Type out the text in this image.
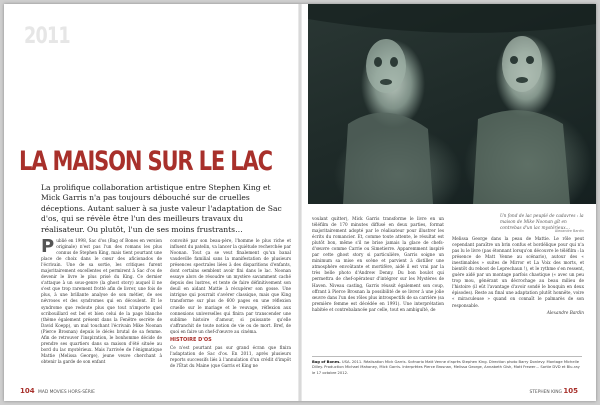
2011
LA MAISON SUR LE LAC

La prolifique collaboration artistique entre Stephen King et Mick Garris n'a pas toujours débouché sur de cruelles déceptions. Autant saluer à sa juste valeur l'adaptation de Sac d'os, qui se révèle être l'un des meilleurs travaux du réalisateur. Ou plutôt, l'un de ses moins frustrants…

Publié en 1998, Sac d'os (Bag of Bones en version originale) n'est pas l'un des romans les plus connus de Stephen King, mais tient pourtant une place de choix dans le cœur des aficionados de l'écrivain. Une de sa sortie, les critiques furent majoritairement excellentes et permirent à Sac d'os de devenir le livre le plus prisé du King. Ce dernier s'attaque à un sous-genre (la ghost story) auquel il ne s'est que trop rarement frotté afin de livrer, une fois de plus, à une brillante analyse de son métier, de ses névroses et des syndromes qui en découlent. Et le syndrome que redoute plus que tout n'importe quel scribouillard est bel et bien celui de la page blanche (thème également présent dans la Fenêtre secrète de David Koepp), un mal touchant l'écrivain Mike Noonan (Pierce Brosnan) depuis le décès brutal de sa femme. Afin de retrouver l'inspiration, le bonhomme décide de prendre ses quartiers dans sa maison d'été située au bord du lac mystérieux. Mais l'arrivée de l'énigmatique Mattie (Melissa George), jeune veuve cherchant à obtenir la garde de son enfant

convoité par son beau-père, l'homme le plus riche et influent du patelin, va lancer la quiétude recherchée par Noonan. Tout ça se veut finalement qu'un banal vaudeville familial sans la manifestation de plusieurs présences spectrales liées à des disparitions d'enfants, dont certains semblent avoir fini dans le lac. Noonan essaye alors de résoudre un mystère savamment caché depuis des lustres, et tente de faire définitivement son deuil en aidant Mattie à récupérer son gosse. Une intrigue qui pourrait s'avérer classique, mais que King transforme sur plus de 600 pages en une réflexion cruelle sur le mariage et le veuvage, réflexion aux connexions universelles qui finira par transcender une sublime histoire d'amour, si puissante qu'elle s'affranchit de toute notion de vie ou de mort. Bref, de quoi en faire un chef-d'œuvre au cinéma.

HISTOIRE D'OS

Ce n'est pourtant pas sur grand écran que finira l'adaptation de Sac d'os. En 2011, après plusieurs reports successifs liés à l'annulation d'un crédit d'impôt de l'État du Maine (que Garris et King ne

104 MAD MOVIES HORS-SÉRIE

Un fond de lac peuplé de cadavres : la maison de Mike Noonan gît en contrebas d'un lac mystérieux…

Alexandre Bardin

voulant quitter), Mick Garris transforme le livre en un téléfilm de 170 minutes diffusé en deux parties, format majoritairement adopté par le réalisateur pour illustrer les écrits du romancier. Et, comme toute attente, le résultat est plutôt bon, même s'il ne brise jamais la glace de chefs-d'œuvre comme Carrie ou Simetierre. Apparemment inspiré par cette ghost story si particulière, Garris soigne un minimum sa mise en scène et parvient à distiller une atmosphère envoûtante et mortifère, aidé il est vrai par la très belle photo d'Andrew Denny. Du bon boulot qui permettra de chef-opérateur d'intégrer sur les Mystères de Haven. Niveau casting, Garris réussit également son coup, offrant à Pierce Brosnan la possibilité de se livrer à une jolie œuvre dans l'un des rôles plus introspectifs de sa carrière (sa première femme est décédée en 1991). Une interprétation habitée et contrebalancée par celle, tout en ambiguïté, de

Melissa George dans la peau de Mattie. Le rôle peut cependant paraître un brin confus et bordélique pour qui n'a pas lu le livre (pas étonnant lorsqu'on découvre le téléfilm : la présence de Matt Venne au scénario), autour des « inestimables » suites de Mirror et La Voix des morts, et bientôt du reboot de Leprechaun !), et le rythme s'en ressent, guère aidé par un montage parfois chaotique (« avec un peu trop mou, générant un décrochage au beau milieu de l'histoire (il eût l'avantage d'avoir sondé le bouquin en deux épisodes). Reste au final une adaptation plutôt honnête, voire « miraculeuse » quand on connaît le palmarès de son responsable.

Alexandre Bardin

Bag of Bones. USA. 2011. Réalisation Mick Garris. Scénario Matt Venne d'après Stephen King. Direction photo Barry Donlevy. Montage Michelle Dilley. Production Michael Mahoney, Mick Garris. Interprètes Pierce Brosnan, Melissa George, Annabeth Gish, Matt Frewer… Sortie DVD et Blu-ray le 17 octobre 2012.

STEPHEN KING 105
